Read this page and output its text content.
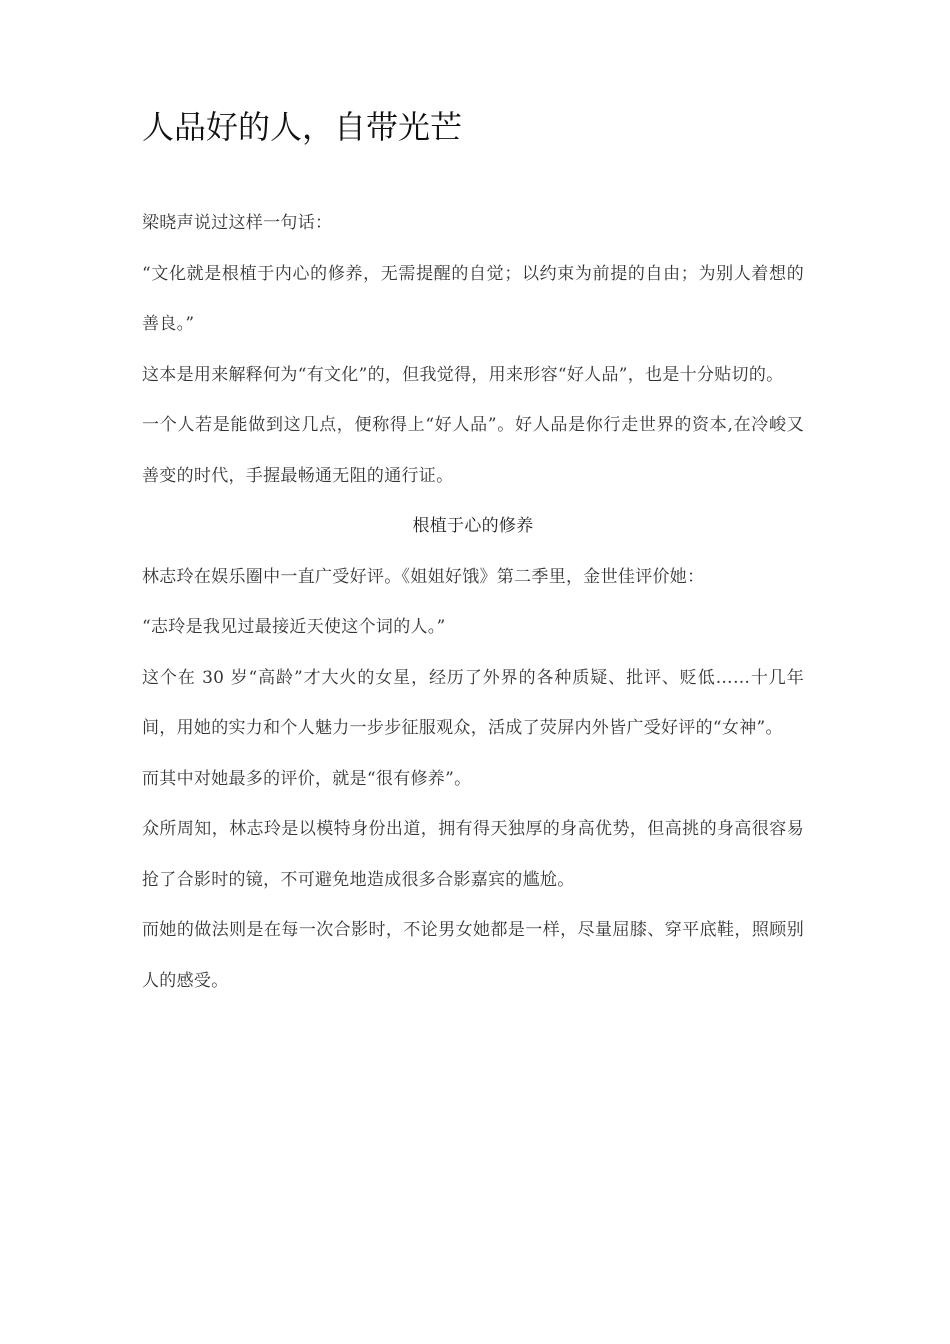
人品好的人，自带光芒

梁晓声说过这样一句话：

“文化就是根植于内心的修养，无需提醒的自觉；以约束为前提的自由；为别人着想的善良。”

这本是用来解释何为“有文化”的，但我觉得，用来形容“好人品”，也是十分贴切的。

一个人若是能做到这几点，便称得上“好人品”。好人品是你行走世界的资本,在冷峻又善变的时代，手握最畅通无阻的通行证。

根植于心的修养

林志玲在娱乐圈中一直广受好评。《姐姐好饿》第二季里，金世佳评价她：

“志玲是我见过最接近天使这个词的人。”

这个在 30 岁“高龄”才大火的女星，经历了外界的各种质疑、批评、贬低……十几年间，用她的实力和个人魅力一步步征服观众，活成了荧屏内外皆广受好评的“女神”。

而其中对她最多的评价，就是“很有修养”。

众所周知，林志玲是以模特身份出道，拥有得天独厚的身高优势，但高挑的身高很容易抢了合影时的镜，不可避免地造成很多合影嘉宾的尴尬。

而她的做法则是在每一次合影时，不论男女她都是一样，尽量屈膝、穿平底鞋，照顾别人的感受。
